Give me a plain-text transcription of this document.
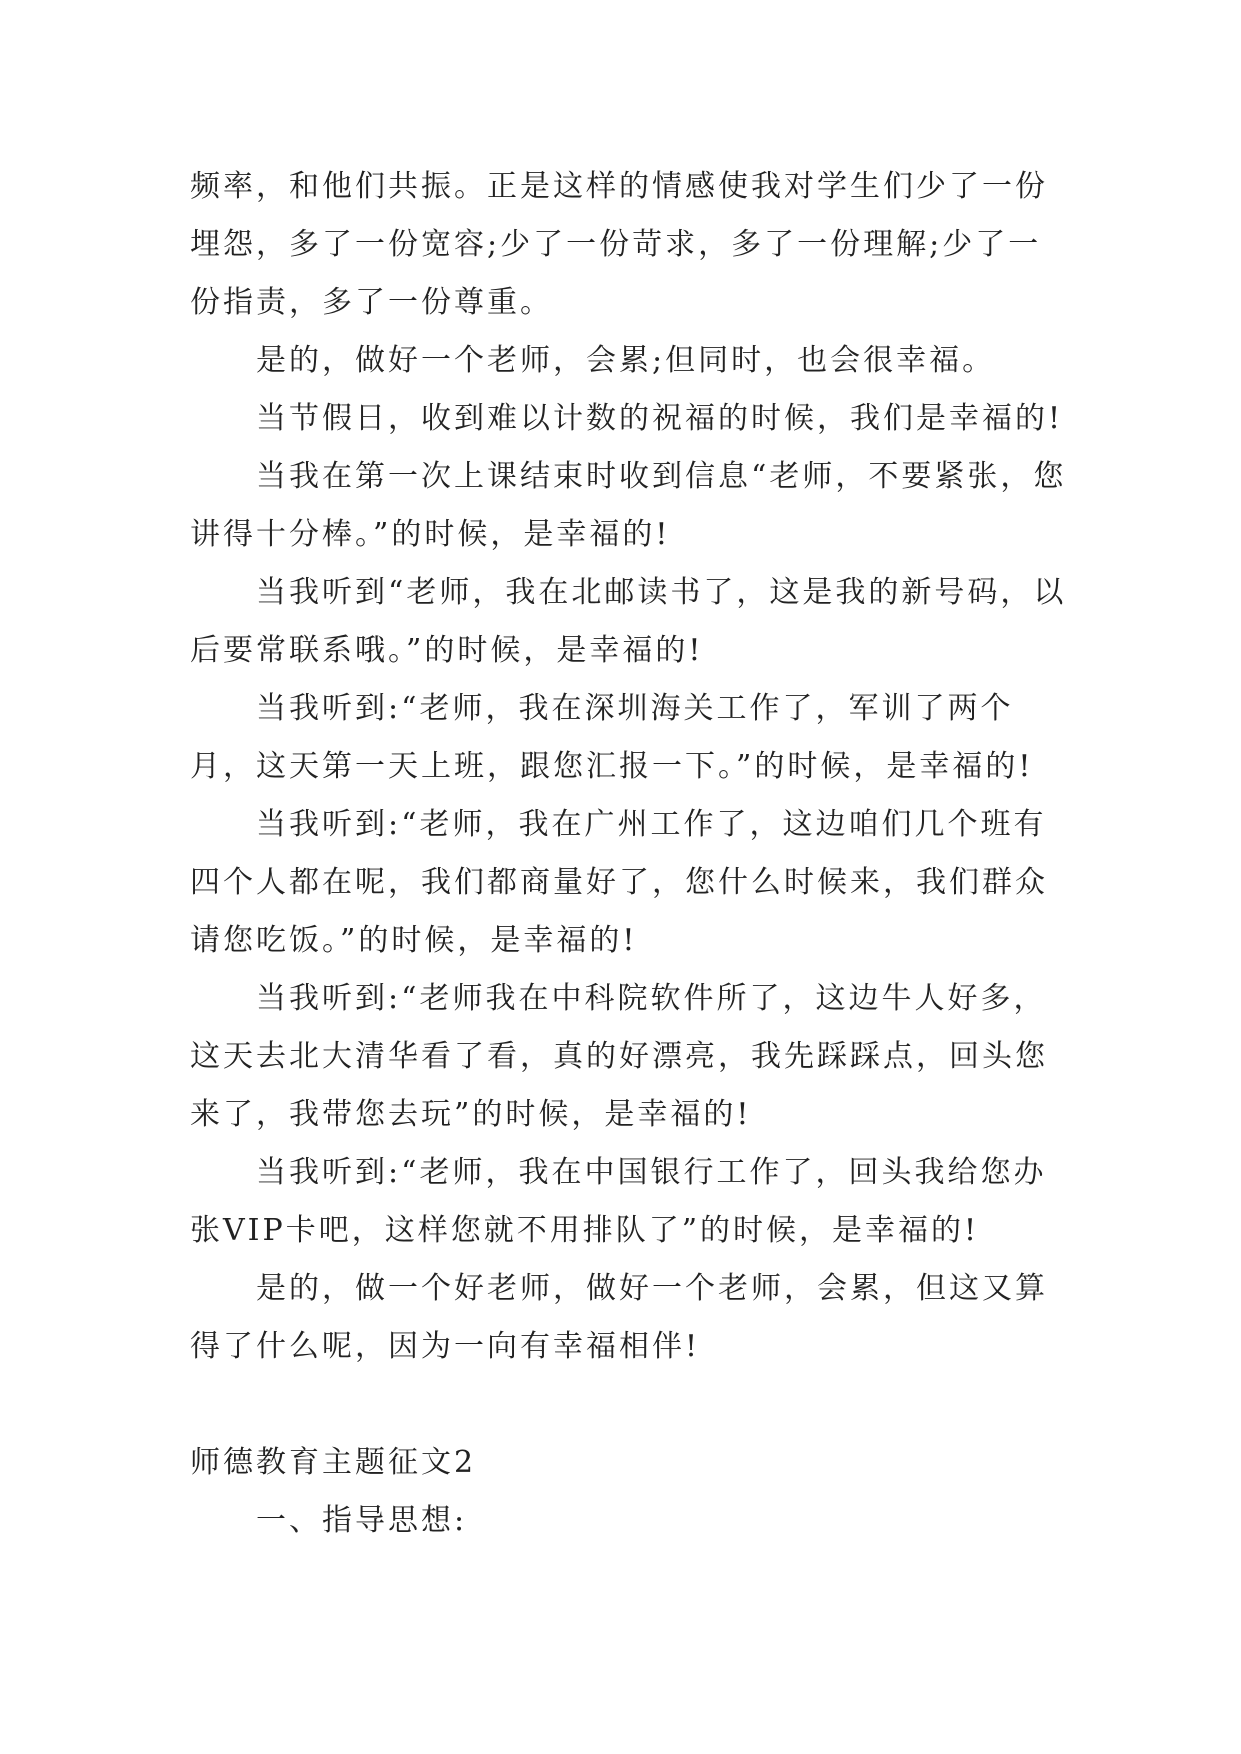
频率，和他们共振。正是这样的情感使我对学生们少了一份埋怨，多了一份宽容;少了一份苛求，多了一份理解;少了一份指责，多了一份尊重。

是的，做好一个老师，会累;但同时，也会很幸福。

当节假日，收到难以计数的祝福的时候，我们是幸福的!

当我在第一次上课结束时收到信息“老师，不要紧张，您讲得十分棒。”的时候，是幸福的!

当我听到“老师，我在北邮读书了，这是我的新号码，以后要常联系哦。”的时候，是幸福的!

当我听到:“老师，我在深圳海关工作了，军训了两个月，这天第一天上班，跟您汇报一下。”的时候，是幸福的!

当我听到:“老师，我在广州工作了，这边咱们几个班有四个人都在呢，我们都商量好了，您什么时候来，我们群众请您吃饭。”的时候，是幸福的!

当我听到:“老师我在中科院软件所了，这边牛人好多，这天去北大清华看了看，真的好漂亮，我先踩踩点，回头您来了，我带您去玩”的时候，是幸福的!

当我听到:“老师，我在中国银行工作了，回头我给您办张VIP卡吧，这样您就不用排队了”的时候，是幸福的!

是的，做一个好老师，做好一个老师，会累，但这又算得了什么呢，因为一向有幸福相伴!

师德教育主题征文2

一、指导思想:
